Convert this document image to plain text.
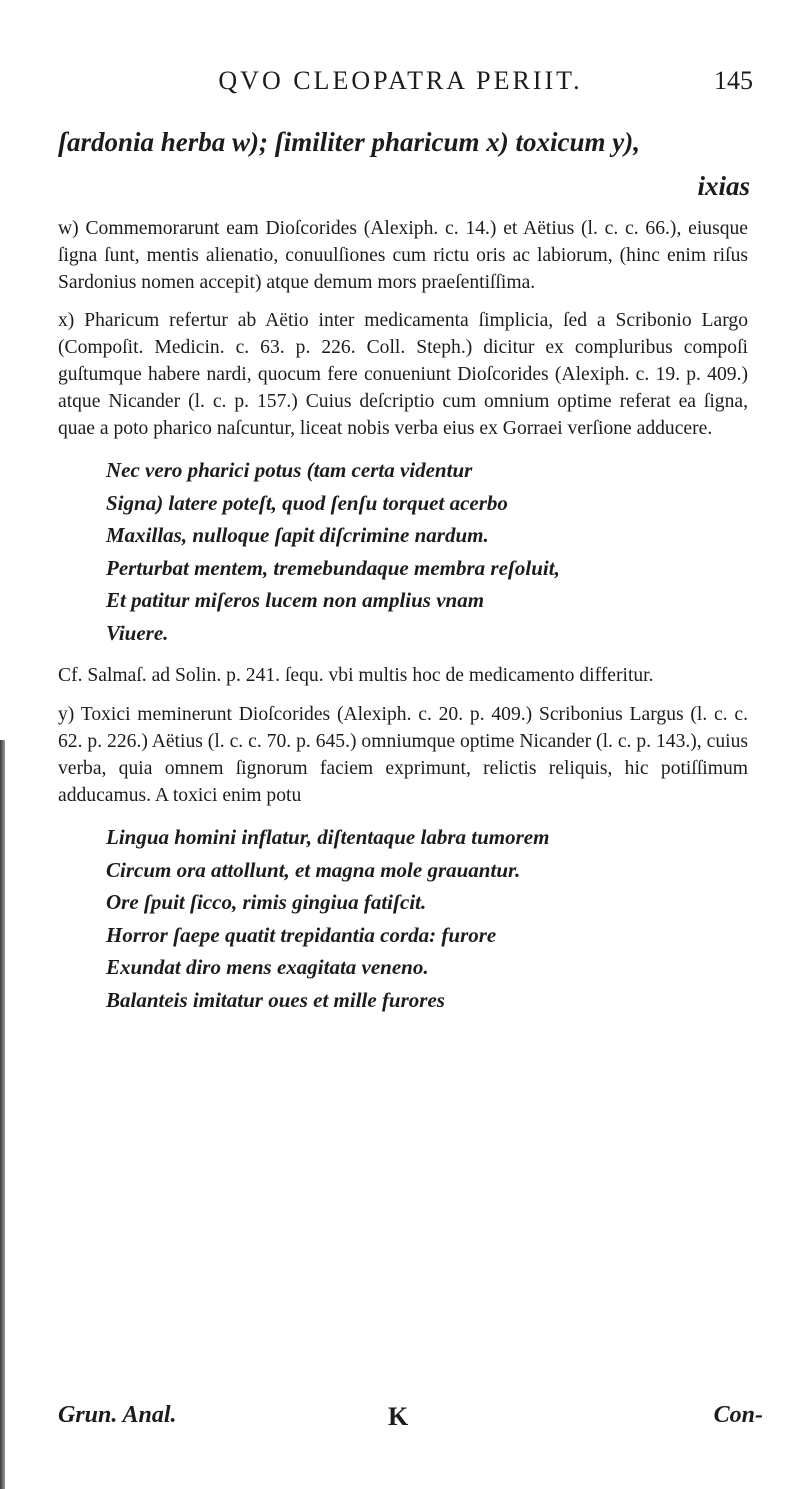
QVO CLEOPATRA PERIIT.	145
ſardonia herba w); ſimiliter pharicum x) toxicum y),
ixias

w) Commemorarunt eam Dioſcorides (Alexiph. c. 14.) et Aëtius (l. c. c. 66.), eiusque ſigna ſunt, mentis alienatio, conuulſiones cum rictu oris ac labiorum, (hinc enim riſus Sardonius nomen accepit) atque demum mors praeſentiſſima.

x) Pharicum refertur ab Aëtio inter medicamenta ſimplicia, ſed a Scribonio Largo (Compoſit. Medicin. c. 63. p. 226. Coll. Steph.) dicitur ex compluribus compoſi guſtumque habere nardi, quocum fere conueniunt Dioſcorides (Alexiph. c. 19. p. 409.) atque Nicander (l. c. p. 157.) Cuius deſcriptio cum omnium optime referat ea ſigna, quae a poto pharico naſcuntur, liceat nobis verba eius ex Gorraei verſione adducere.

Nec vero pharici potus (tam certa videntur
Signa) latere poteſt, quod ſenſu torquet acerbo
Maxillas, nulloque ſapit diſcrimine nardum.
Perturbat mentem, tremebundaque membra reſoluit,
Et patitur miſeros lucem non amplius vnam
Viuere.

Cf. Salmaſ. ad Solin. p. 241. ſequ. vbi multis hoc de medicamento differitur.

y) Toxici meminerunt Dioſcorides (Alexiph. c. 20. p. 409.) Scribonius Largus (l. c. c. 62. p. 226.) Aëtius (l. c. c. 70. p. 645.) omniumque optime Nicander (l. c. p. 143.), cuius verba, quia omnem ſignorum faciem exprimunt, relictis reliquis, hic potiſſimum adducamus. A toxici enim potu

Lingua homini inflatur, diſtentaque labra tumorem
Circum ora attollunt, et magna mole grauantur.
Ore ſpuit ſicco, rimis gingiua fatiſcit.
Horror ſaepe quatit trepidantia corda: furore
Exundat diro mens exagitata veneno.
Balanteis imitatur oues et mille furores
Grun. Anal.	K	Con-
